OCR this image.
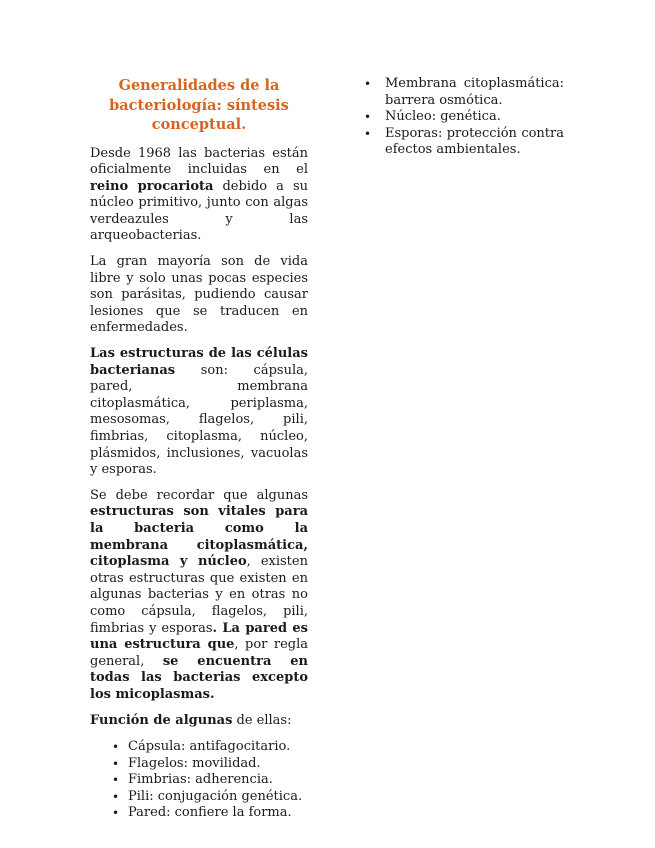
Generalidades de la bacteriología: síntesis conceptual.

Desde 1968 las bacterias están oficialmente incluidas en el reino procariota debido a su núcleo primitivo, junto con algas verdeazules y las arqueobacterias.

La gran mayoría son de vida libre y solo unas pocas especies son parásitas, pudiendo causar lesiones que se traducen en enfermedades.

Las estructuras de las células bacterianas son: cápsula, pared, membrana citoplasmática, periplasma, mesosomas, flagelos, pili, fimbrias, citoplasma, núcleo, plásmidos, inclusiones, vacuolas y esporas.

Se debe recordar que algunas estructuras son vitales para la bacteria como la membrana citoplasmática, citoplasma y núcleo, existen otras estructuras que existen en algunas bacterias y en otras no como cápsula, flagelos, pili, fimbrias y esporas. La pared es una estructura que, por regla general, se encuentra en todas las bacterias excepto los micoplasmas.

Función de algunas de ellas:

• Cápsula: antifagocitario.
• Flagelos: movilidad.
• Fimbrias: adherencia.
• Pili: conjugación genética.
• Pared: confiere la forma.
• Membrana citoplasmática: barrera osmótica.
• Núcleo: genética.
• Esporas: protección contra efectos ambientales.
